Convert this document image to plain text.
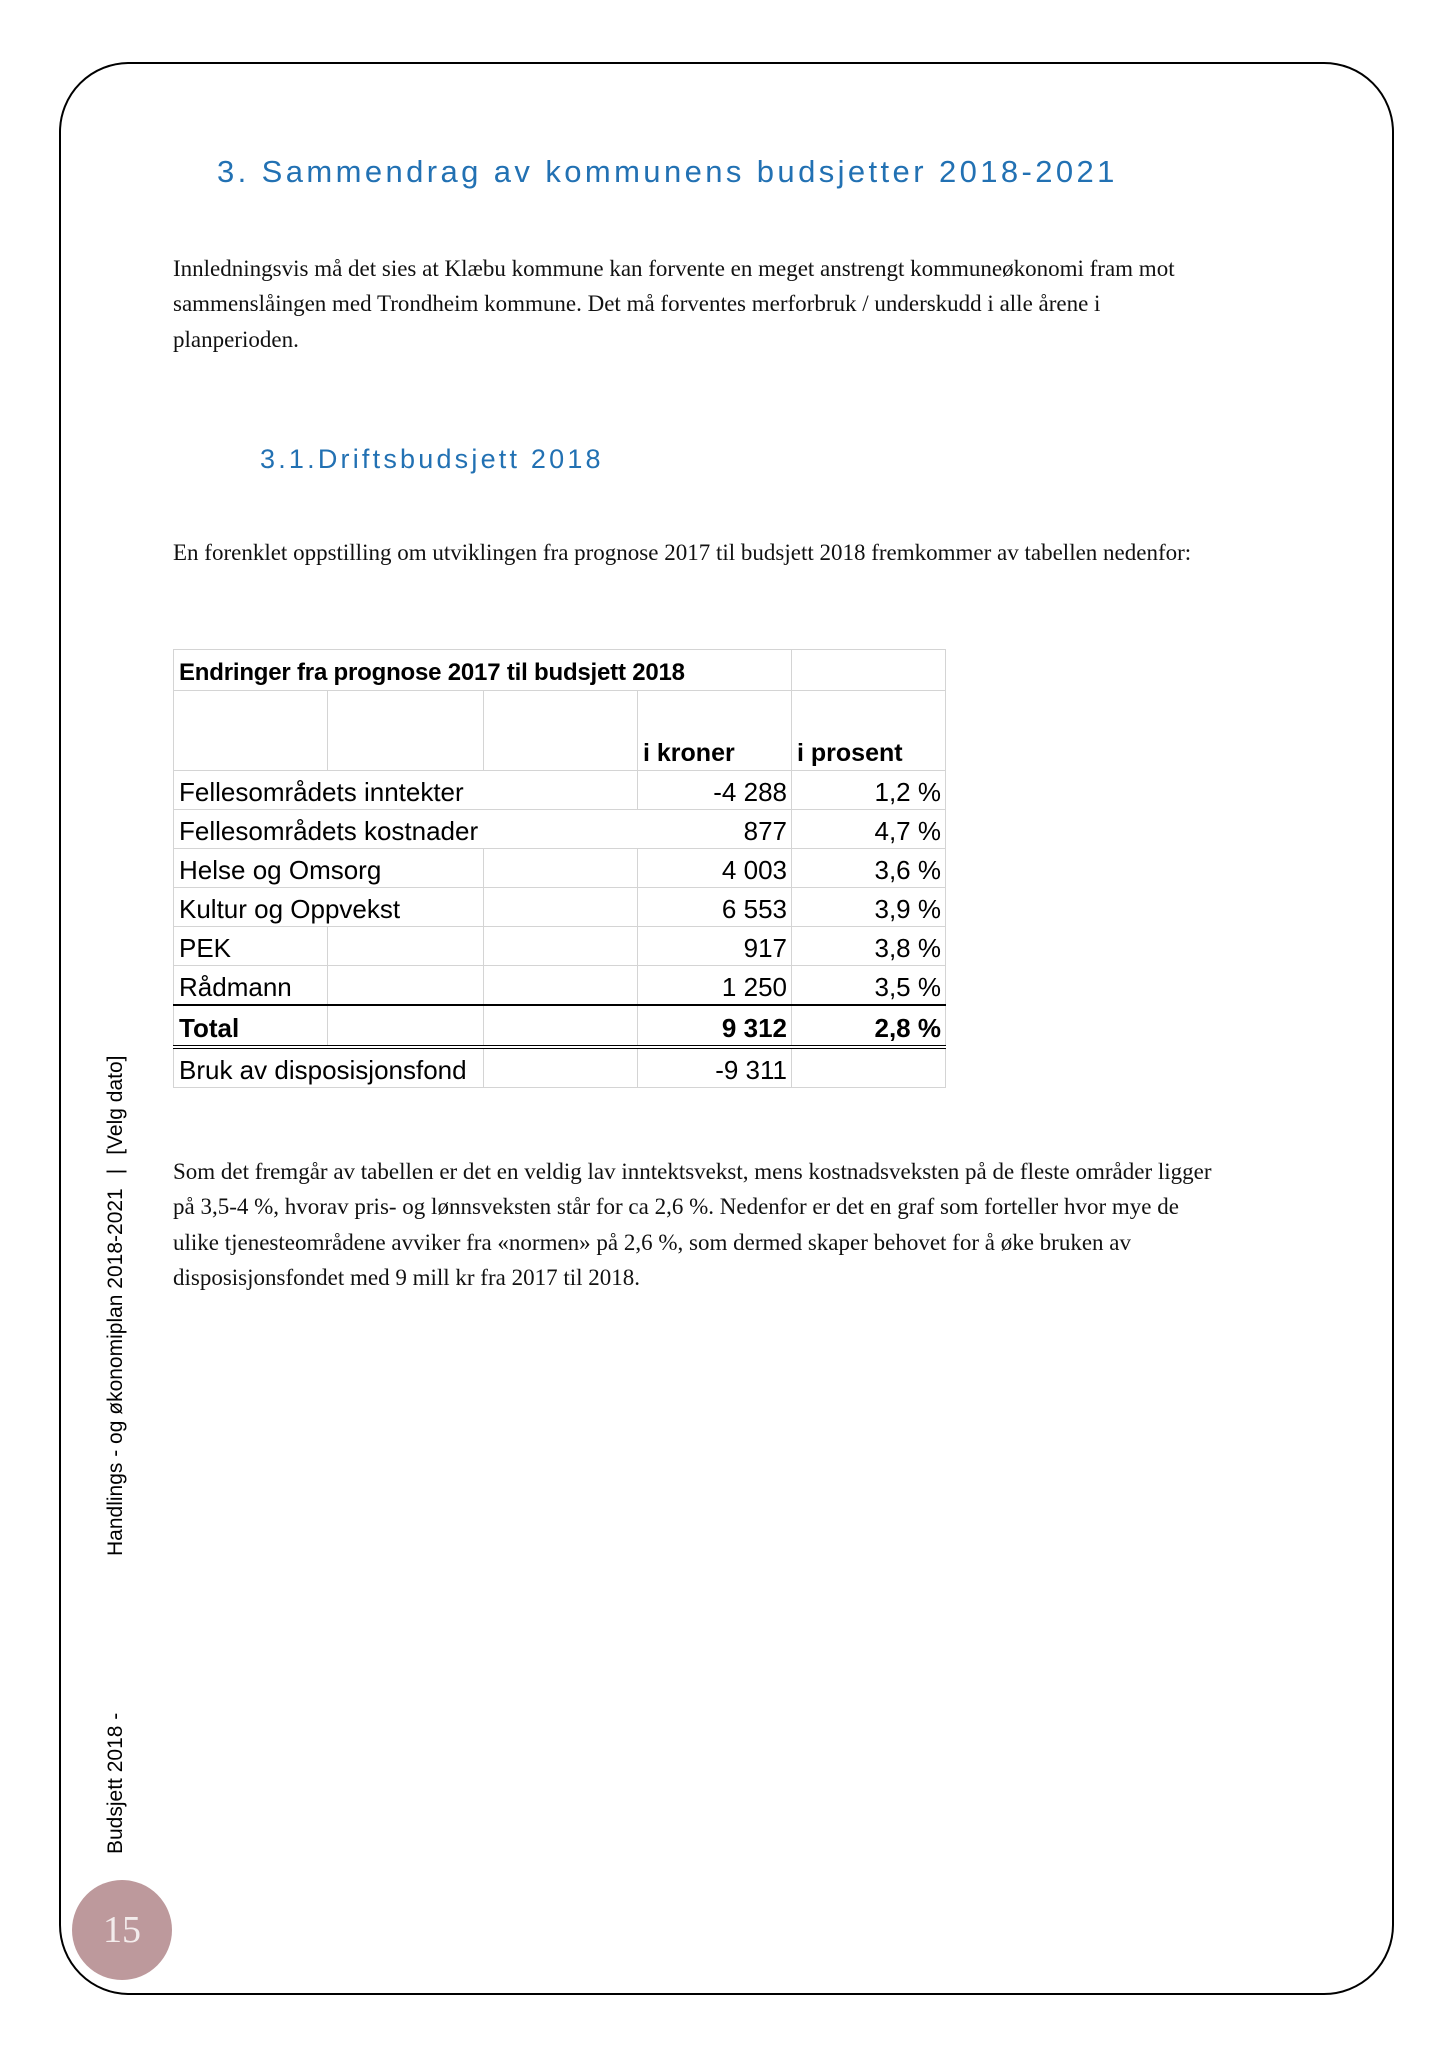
3. Sammendrag av kommunens budsjetter 2018-2021
Innledningsvis må det sies at Klæbu kommune kan forvente en meget anstrengt kommuneøkonomi fram mot
sammenslåingen med Trondheim kommune. Det må forventes merforbruk / underskudd i alle årene i
planperioden.
3.1.Driftsbudsjett 2018
En forenklet oppstilling om utviklingen fra prognose 2017 til budsjett 2018 fremkommer av tabellen nedenfor:
Endringer fra prognose 2017 til budsjett 2018				
			i kroner	i prosent
Fellesområdets inntekter			-4 288	1,2 %
Fellesområdets kostnader			877	4,7 %
Helse og Omsorg			4 003	3,6 %
Kultur og Oppvekst			6 553	3,9 %
PEK			917	3,8 %
Rådmann			1 250	3,5 %
Total			9 312	2,8 %
Bruk av disposisjonsfond			-9 311	
Som det fremgår av tabellen er det en veldig lav inntektsvekst, mens kostnadsveksten på de fleste områder ligger
på 3,5-4 %, hvorav pris- og lønnsveksten står for ca 2,6 %. Nedenfor er det en graf som forteller hvor mye de
ulike tjenesteområdene avviker fra «normen» på 2,6 %, som dermed skaper behovet for å øke bruken av
disposisjonsfondet med 9 mill kr fra 2017 til 2018.
Handlings - og økonomiplan 2018-2021|[Velg dato]
Budsjett 2018 -
15
